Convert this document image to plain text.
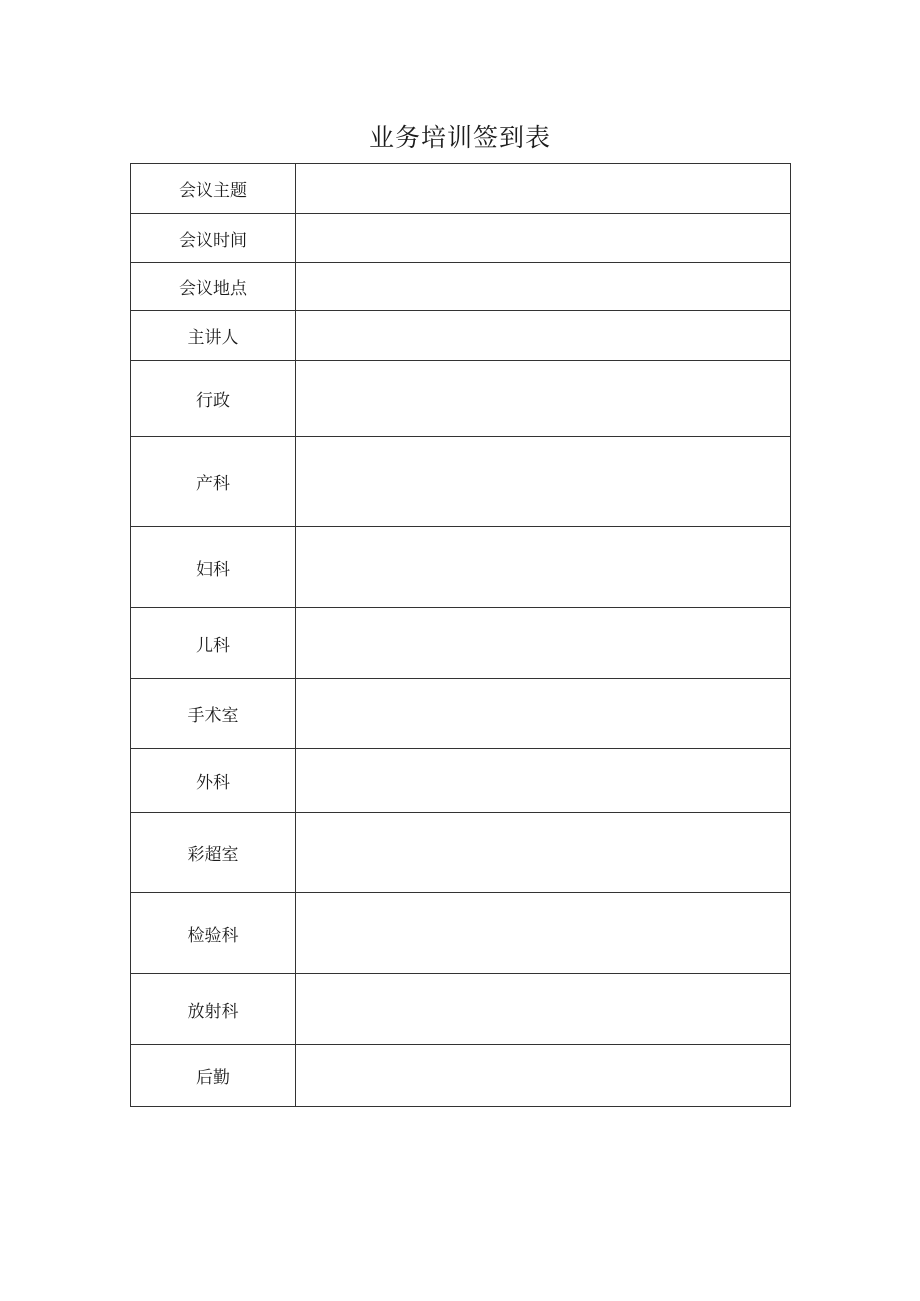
业务培训签到表
会议主题	
会议时间	
会议地点	
主讲人	
行政	
产科	
妇科	
儿科	
手术室	
外科	
彩超室	
检验科	
放射科	
后勤	
